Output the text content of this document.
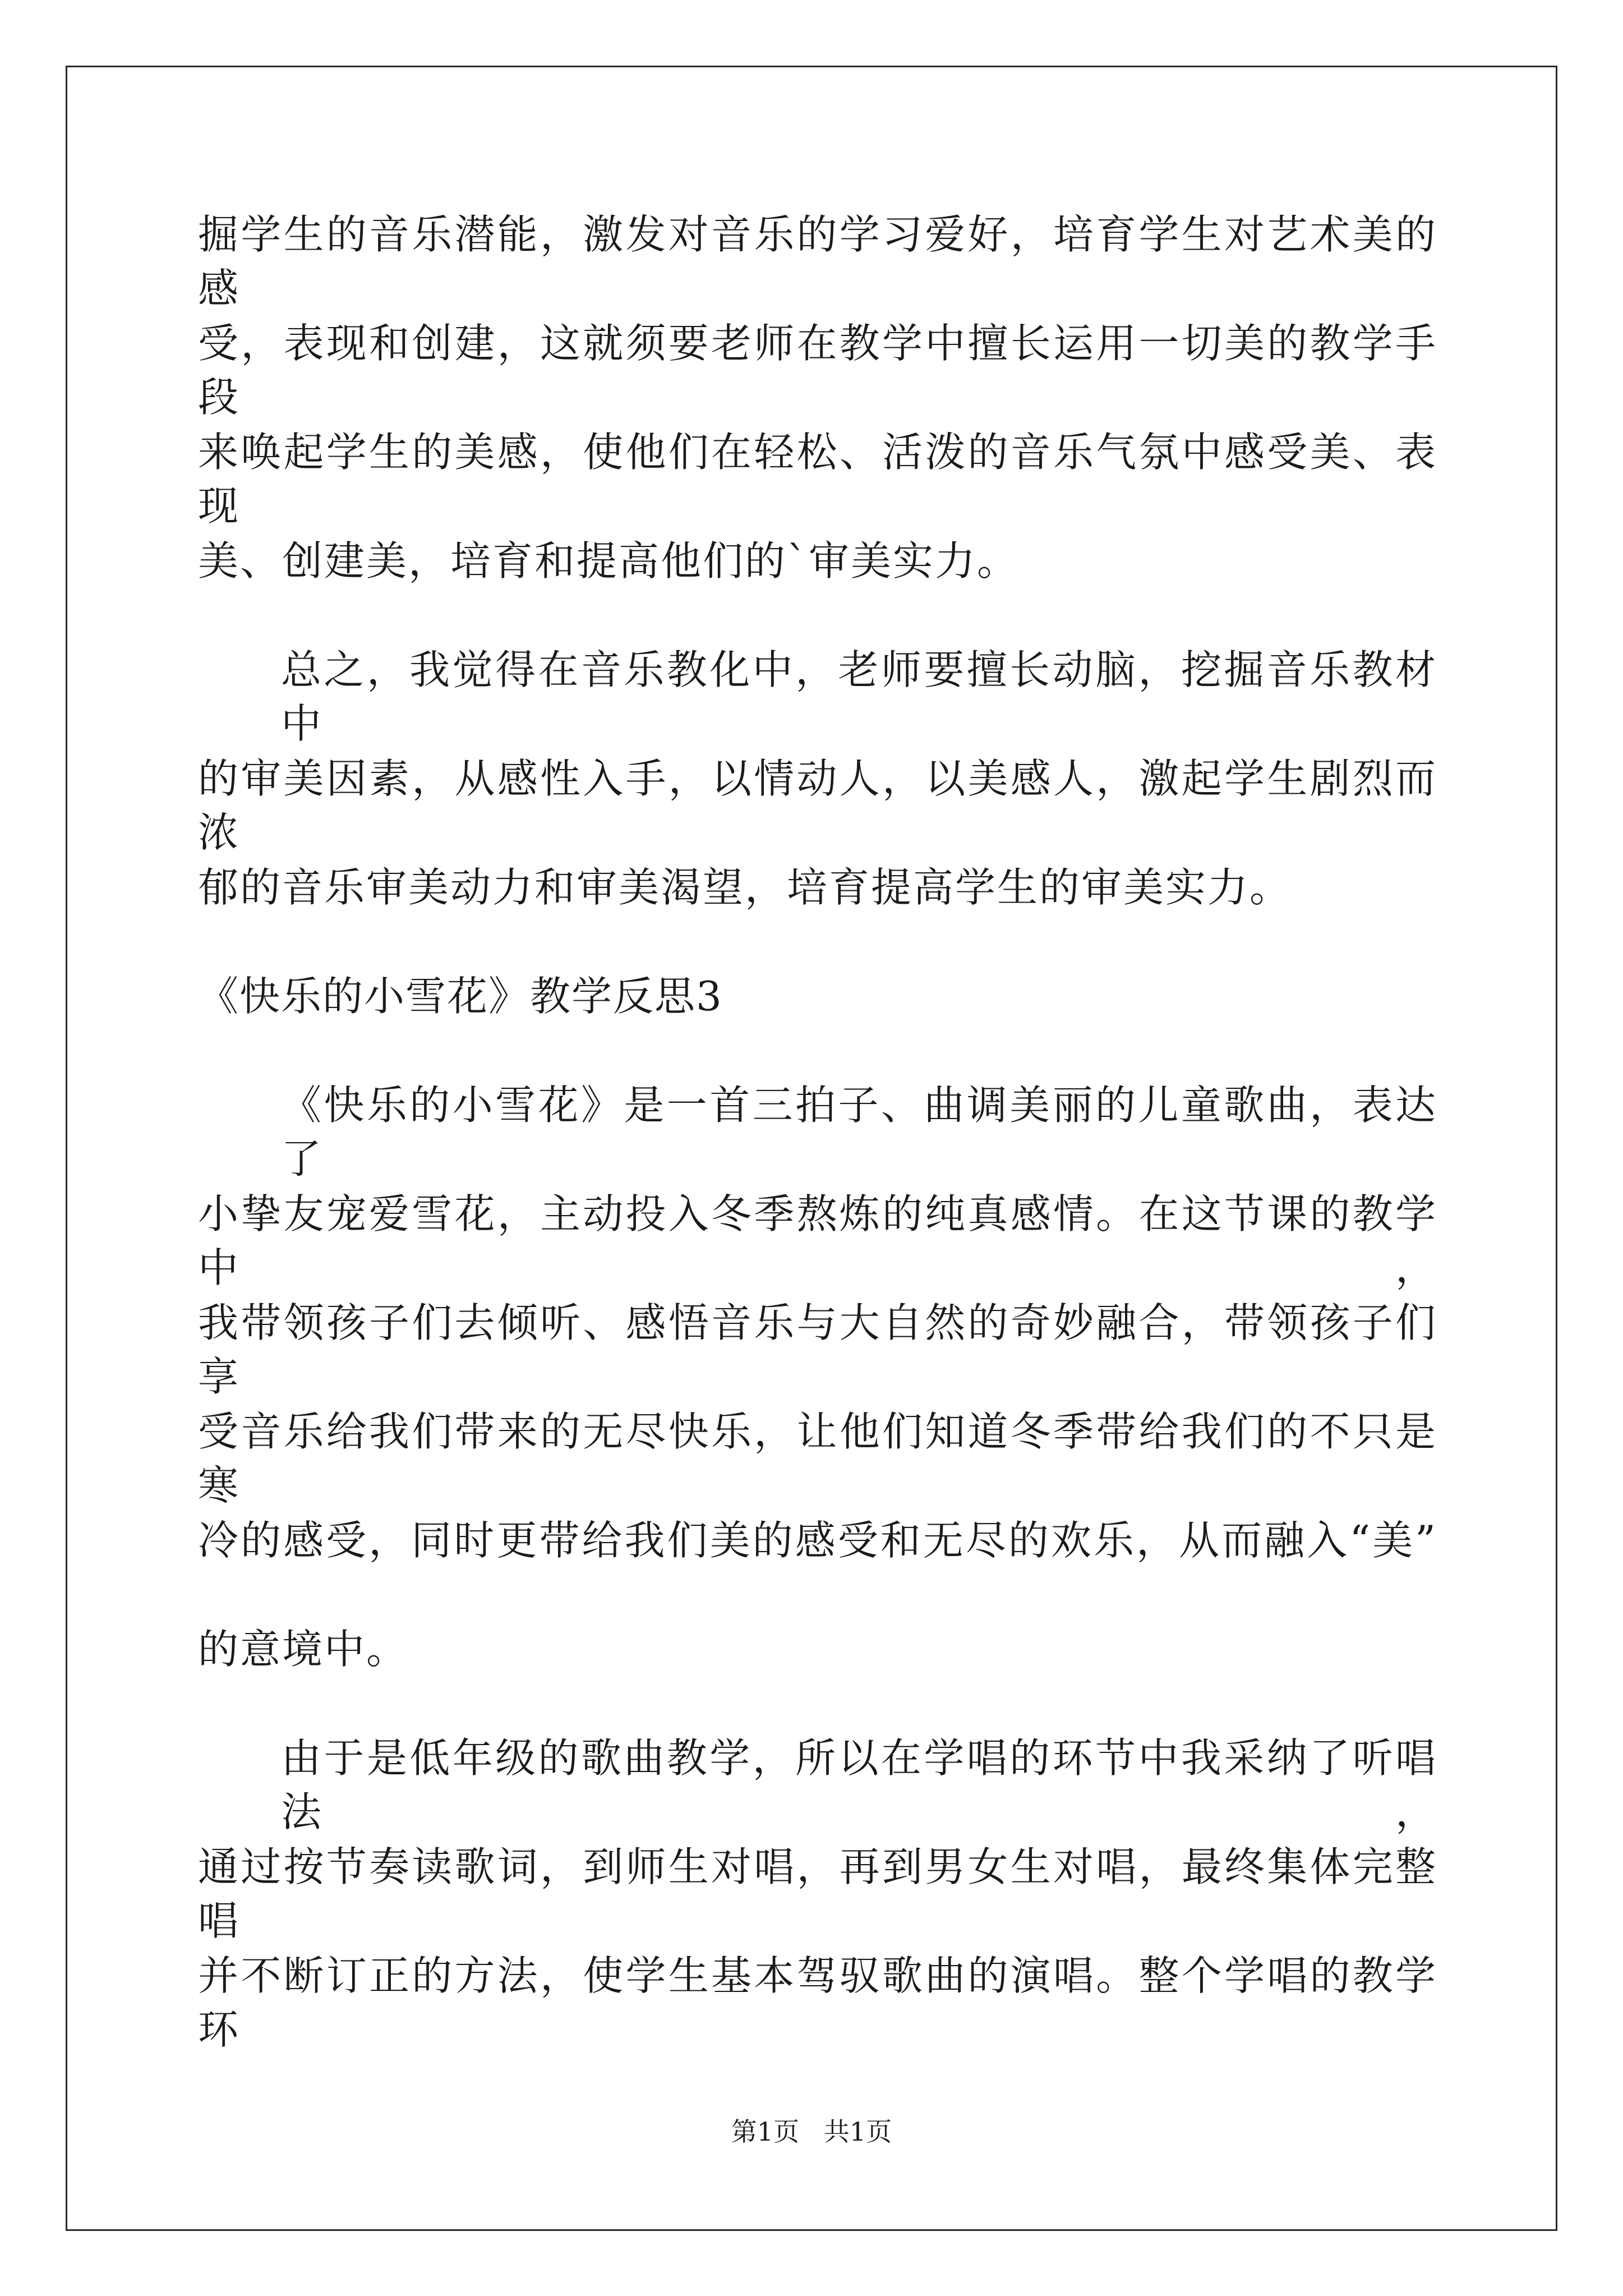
掘学生的音乐潜能，激发对音乐的学习爱好，培育学生对艺术美的感
受，表现和创建，这就须要老师在教学中擅长运用一切美的教学手段
来唤起学生的美感，使他们在轻松、活泼的音乐气氛中感受美、表现
美、创建美，培育和提高他们的`审美实力。
总之，我觉得在音乐教化中，老师要擅长动脑，挖掘音乐教材中
的审美因素，从感性入手，以情动人，以美感人，激起学生剧烈而浓
郁的音乐审美动力和审美渴望，培育提高学生的审美实力。
《快乐的小雪花》教学反思3
《快乐的小雪花》是一首三拍子、曲调美丽的儿童歌曲，表达了
小挚友宠爱雪花，主动投入冬季熬炼的纯真感情。在这节课的教学中，
我带领孩子们去倾听、感悟音乐与大自然的奇妙融合，带领孩子们享
受音乐给我们带来的无尽快乐，让他们知道冬季带给我们的不只是寒
冷的感受，同时更带给我们美的感受和无尽的欢乐，从而融入“美”
的意境中。
由于是低年级的歌曲教学，所以在学唱的环节中我采纳了听唱法，
通过按节奏读歌词，到师生对唱，再到男女生对唱，最终集体完整唱
并不断订正的方法，使学生基本驾驭歌曲的演唱。整个学唱的教学环
第1页   共1页
